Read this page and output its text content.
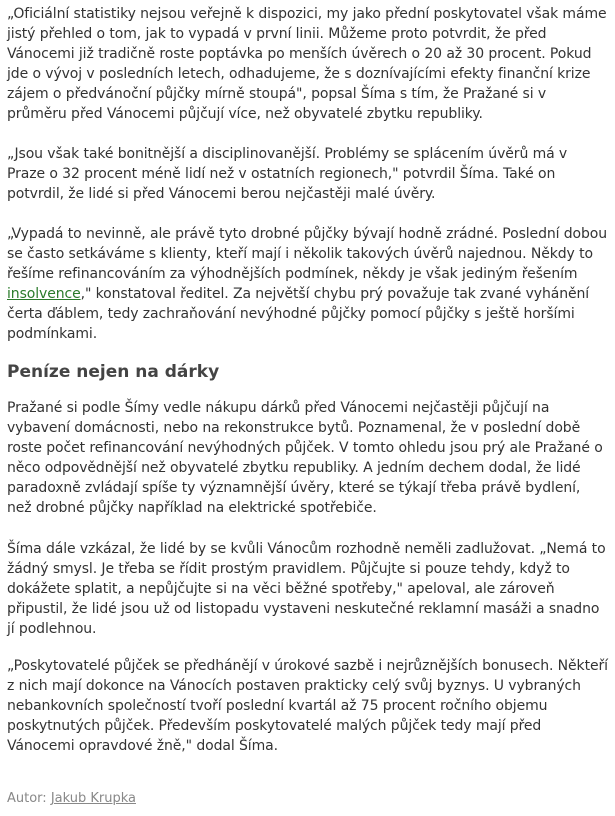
„Oficiální statistiky nejsou veřejně k dispozici, my jako přední poskytovatel však máme jistý přehled o tom, jak to vypadá v první linii. Můžeme proto potvrdit, že před Vánocemi již tradičně roste poptávka po menších úvěrech o 20 až 30 procent. Pokud jde o vývoj v posledních letech, odhadujeme, že s doznívajícími efekty finanční krize zájem o předvánoční půjčky mírně stoupá", popsal Šíma s tím, že Pražané si v průměru před Vánocemi půjčují více, než obyvatelé zbytku republiky.

„Jsou však také bonitnější a disciplinovanější. Problémy se splácením úvěrů má v Praze o 32 procent méně lidí než v ostatních regionech," potvrdil Šíma. Také on potvrdil, že lidé si před Vánocemi berou nejčastěji malé úvěry.

„Vypadá to nevinně, ale právě tyto drobné půjčky bývají hodně zrádné. Poslední dobou se často setkáváme s klienty, kteří mají i několik takových úvěrů najednou. Někdy to řešíme refinancováním za výhodnějších podmínek, někdy je však jediným řešením insolvence," konstatoval ředitel. Za největší chybu prý považuje tak zvané vyhánění čerta ďáblem, tedy zachraňování nevýhodné půjčky pomocí půjčky s ještě horšími podmínkami.

Peníze nejen na dárky

Pražané si podle Šímy vedle nákupu dárků před Vánocemi nejčastěji půjčují na vybavení domácnosti, nebo na rekonstrukce bytů. Poznamenal, že v poslední době roste počet refinancování nevýhodných půjček. V tomto ohledu jsou prý ale Pražané o něco odpovědnější než obyvatelé zbytku republiky. A jedním dechem dodal, že lidé paradoxně zvládají spíše ty významnější úvěry, které se týkají třeba právě bydlení, než drobné půjčky například na elektrické spotřebiče.

Šíma dále vzkázal, že lidé by se kvůli Vánocům rozhodně neměli zadlužovat. „Nemá to žádný smysl. Je třeba se řídit prostým pravidlem. Půjčujte si pouze tehdy, když to dokážete splatit, a nepůjčujte si na věci běžné spotřeby," apeloval, ale zároveň připustil, že lidé jsou už od listopadu vystaveni neskutečné reklamní masáži a snadno jí podlehnou.

„Poskytovatelé půjček se předhánějí v úrokové sazbě i nejrůznějších bonusech. Někteří z nich mají dokonce na Vánocích postaven prakticky celý svůj byznys. U vybraných nebankovních společností tvoří poslední kvartál až 75 procent ročního objemu poskytnutých půjček. Především poskytovatelé malých půjček tedy mají před Vánocemi opravdové žně," dodal Šíma.

Autor: Jakub Krupka
